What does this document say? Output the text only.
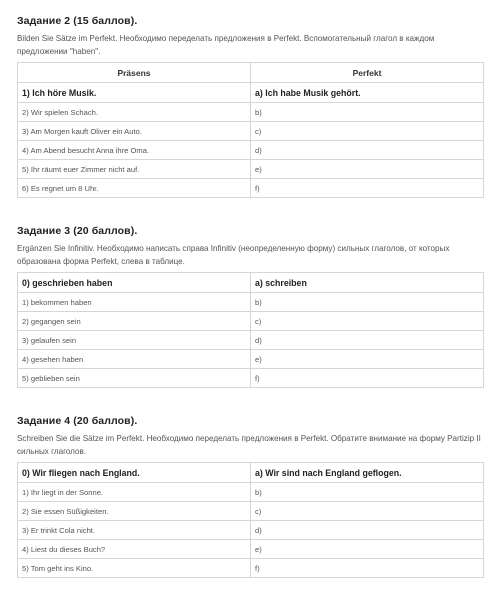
Задание 2 (15 баллов).
Bilden Sie Sätze im Perfekt. Необходимо переделать предложения в Perfekt. Вспомогательный глагол в каждом предложении "haben".
Präsens	Perfekt
1) Ich höre Musik.	a) Ich habe Musik gehört.
2) Wir spielen Schach.	b)
3) Am Morgen kauft Oliver ein Auto.	c)
4) Am Abend besucht Anna ihre Oma.	d)
5) Ihr räumt euer Zimmer nicht auf.	e)
6) Es regnet um 8 Uhr.	f)
Задание 3 (20 баллов).
Ergänzen Sie Infinitiv. Необходимо написать справа Infinitiv (неопределенную форму) сильных глаголов, от которых образована форма Perfekt, слева в таблице.
0) geschrieben haben	a) schreiben
1) bekommen haben	b)
2) gegangen sein	c)
3) gelaufen sein	d)
4) gesehen haben	e)
5) geblieben sein	f)
Задание 4 (20 баллов).
Schreiben Sie die Sätze im Perfekt. Необходимо переделать предложения в Perfekt. Обратите внимание на форму Partizip II сильных глаголов.
0) Wir fliegen nach England.	a) Wir sind nach England geflogen.
1) Ihr liegt in der Sonne.	b)
2) Sie essen Süßigkeiten.	c)
3) Er trinkt Cola nicht.	d)
4) Liest du dieses Buch?	e)
5) Tom geht ins Kino.	f)
